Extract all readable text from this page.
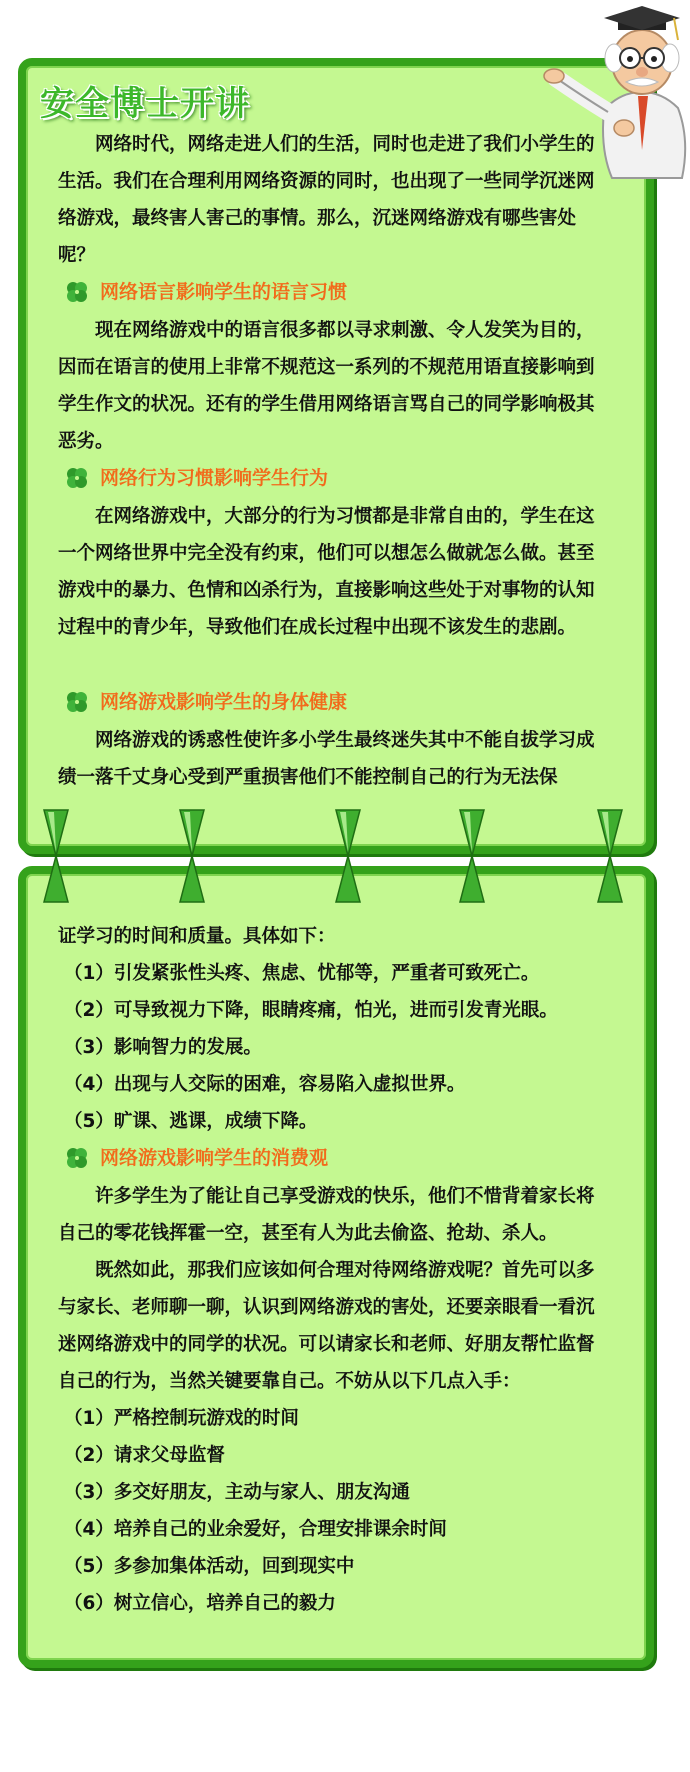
安全博士开讲

网络时代，网络走进人们的生活，同时也走进了我们小学生的生活。我们在合理利用网络资源的同时，也出现了一些同学沉迷网络游戏，最终害人害己的事情。那么，沉迷网络游戏有哪些害处呢？

网络语言影响学生的语言习惯

现在网络游戏中的语言很多都以寻求刺激、令人发笑为目的，因而在语言的使用上非常不规范这一系列的不规范用语直接影响到学生作文的状况。还有的学生借用网络语言骂自己的同学影响极其恶劣。

网络行为习惯影响学生行为

在网络游戏中，大部分的行为习惯都是非常自由的，学生在这一个网络世界中完全没有约束，他们可以想怎么做就怎么做。甚至游戏中的暴力、色情和凶杀行为，直接影响这些处于对事物的认知过程中的青少年，导致他们在成长过程中出现不该发生的悲剧。

网络游戏影响学生的身体健康

网络游戏的诱惑性使许多小学生最终迷失其中不能自拔学习成绩一落千丈身心受到严重损害他们不能控制自己的行为无法保

证学习的时间和质量。具体如下：

（1）引发紧张性头疼、焦虑、忧郁等，严重者可致死亡。

（2）可导致视力下降，眼睛疼痛，怕光，进而引发青光眼。

（3）影响智力的发展。

（4）出现与人交际的困难，容易陷入虚拟世界。

（5）旷课、逃课，成绩下降。

网络游戏影响学生的消费观

许多学生为了能让自己享受游戏的快乐，他们不惜背着家长将自己的零花钱挥霍一空，甚至有人为此去偷盗、抢劫、杀人。

既然如此，那我们应该如何合理对待网络游戏呢？首先可以多与家长、老师聊一聊，认识到网络游戏的害处，还要亲眼看一看沉迷网络游戏中的同学的状况。可以请家长和老师、好朋友帮忙监督自己的行为，当然关键要靠自己。不妨从以下几点入手：

（1）严格控制玩游戏的时间

（2）请求父母监督

（3）多交好朋友，主动与家人、朋友沟通

（4）培养自己的业余爱好，合理安排课余时间

（5）多参加集体活动，回到现实中

（6）树立信心，培养自己的毅力
